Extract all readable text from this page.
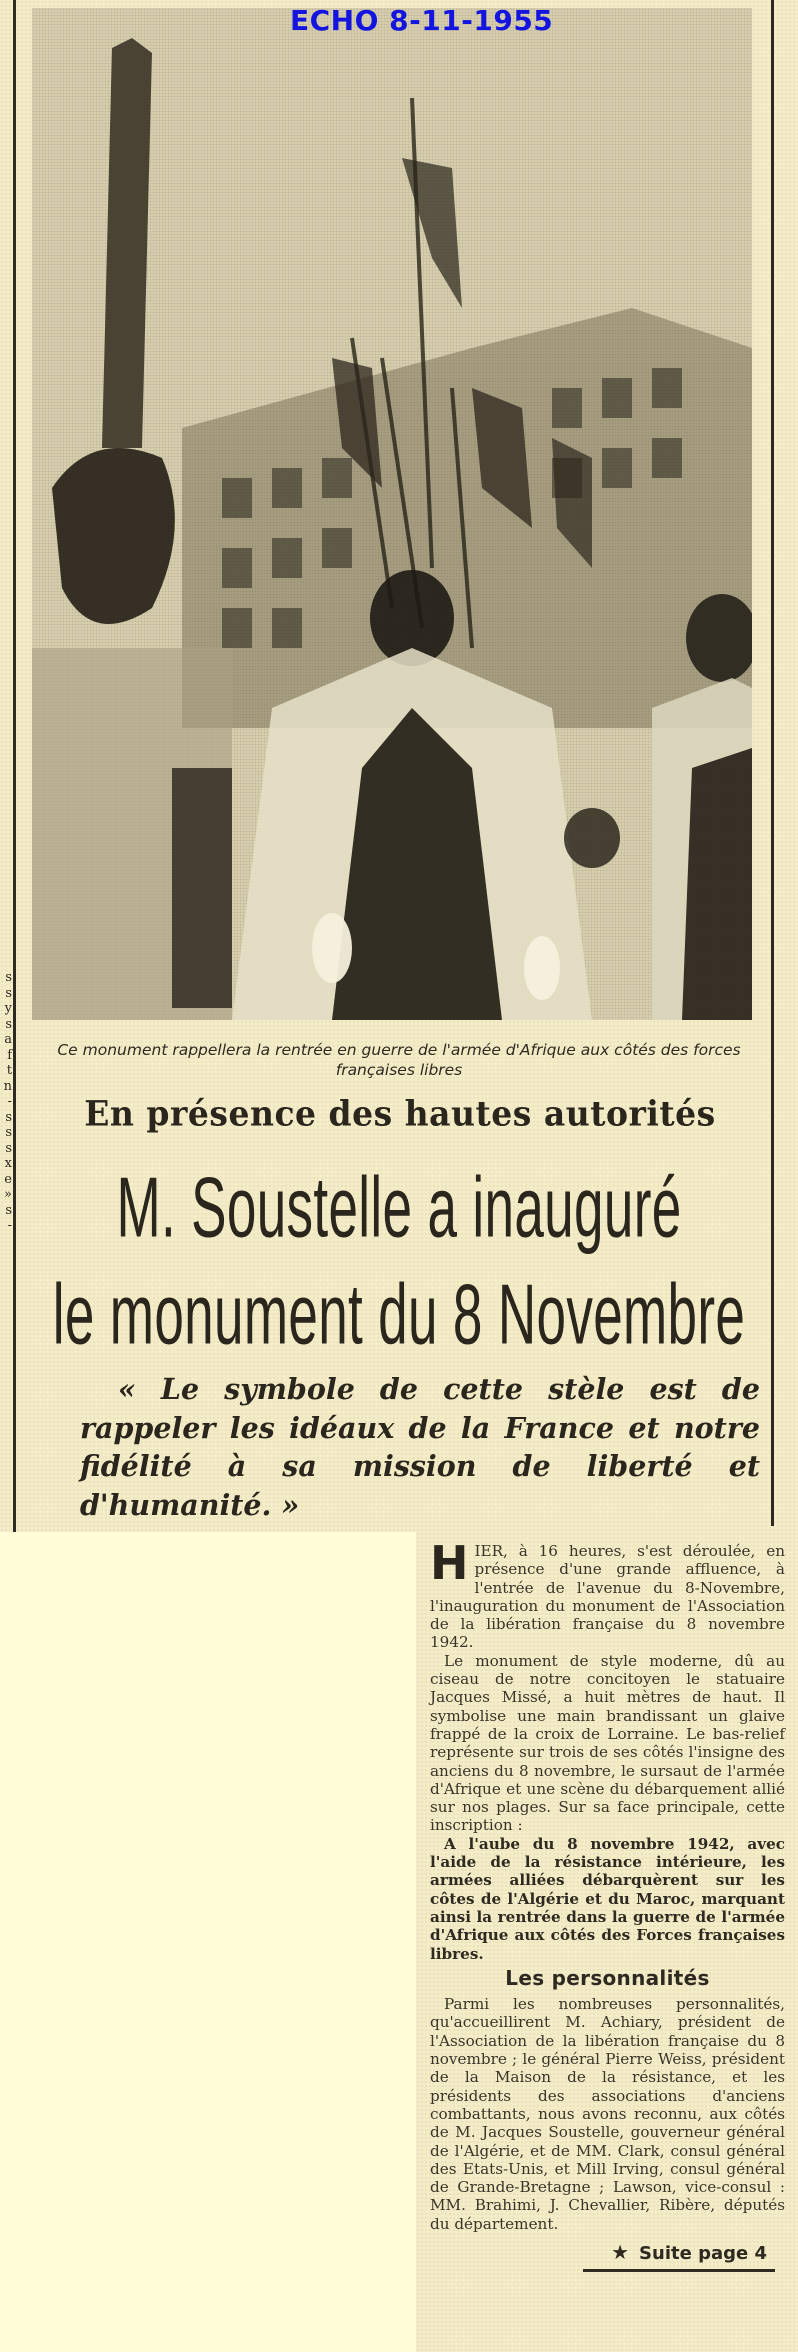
s
s
y
s
a
f
t
n
-
s
s
s
x
e
»
s
-
ECHO 8-11-1955
Ce monument rappellera la rentrée en guerre de l'armée d'Afrique aux côtés des forces françaises libres
En présence des hautes autorités
M. Soustelle a inauguré
le monument du 8 Novembre
« Le symbole de cette stèle est de rappeler les idéaux de la France et notre fidélité à sa mission de liberté et d'humanité. »

HIER, à 16 heures, s'est déroulée, en présence d'une grande affluence, à l'entrée de l'avenue du 8-Novembre, l'inauguration du monument de l'Association de la libération française du 8 novembre 1942.

Le monument de style moderne, dû au ciseau de notre concitoyen le statuaire Jacques Missé, a huit mètres de haut. Il symbolise une main brandissant un glaive frappé de la croix de Lorraine. Le bas-relief représente sur trois de ses côtés l'insigne des anciens du 8 novembre, le sursaut de l'armée d'Afrique et une scène du débarquement allié sur nos plages. Sur sa face principale, cette inscription :

A l'aube du 8 novembre 1942, avec l'aide de la résistance intérieure, les armées alliées débarquèrent sur les côtes de l'Algérie et du Maroc, marquant ainsi la rentrée dans la guerre de l'armée d'Afrique aux côtés des Forces françaises libres.

Les personnalités

Parmi les nombreuses personnalités, qu'accueillirent M. Achiary, président de l'Association de la libération française du 8 novembre ; le général Pierre Weiss, président de la Maison de la résistance, et les présidents des associations d'anciens combattants, nous avons reconnu, aux côtés de M. Jacques Soustelle, gouverneur général de l'Algérie, et de MM. Clark, consul général des Etats-Unis, et Mill Irving, consul général de Grande-Bretagne ; Lawson, vice-consul : MM. Brahimi, J. Chevallier, Ribère, députés du département.

★ Suite page 4
